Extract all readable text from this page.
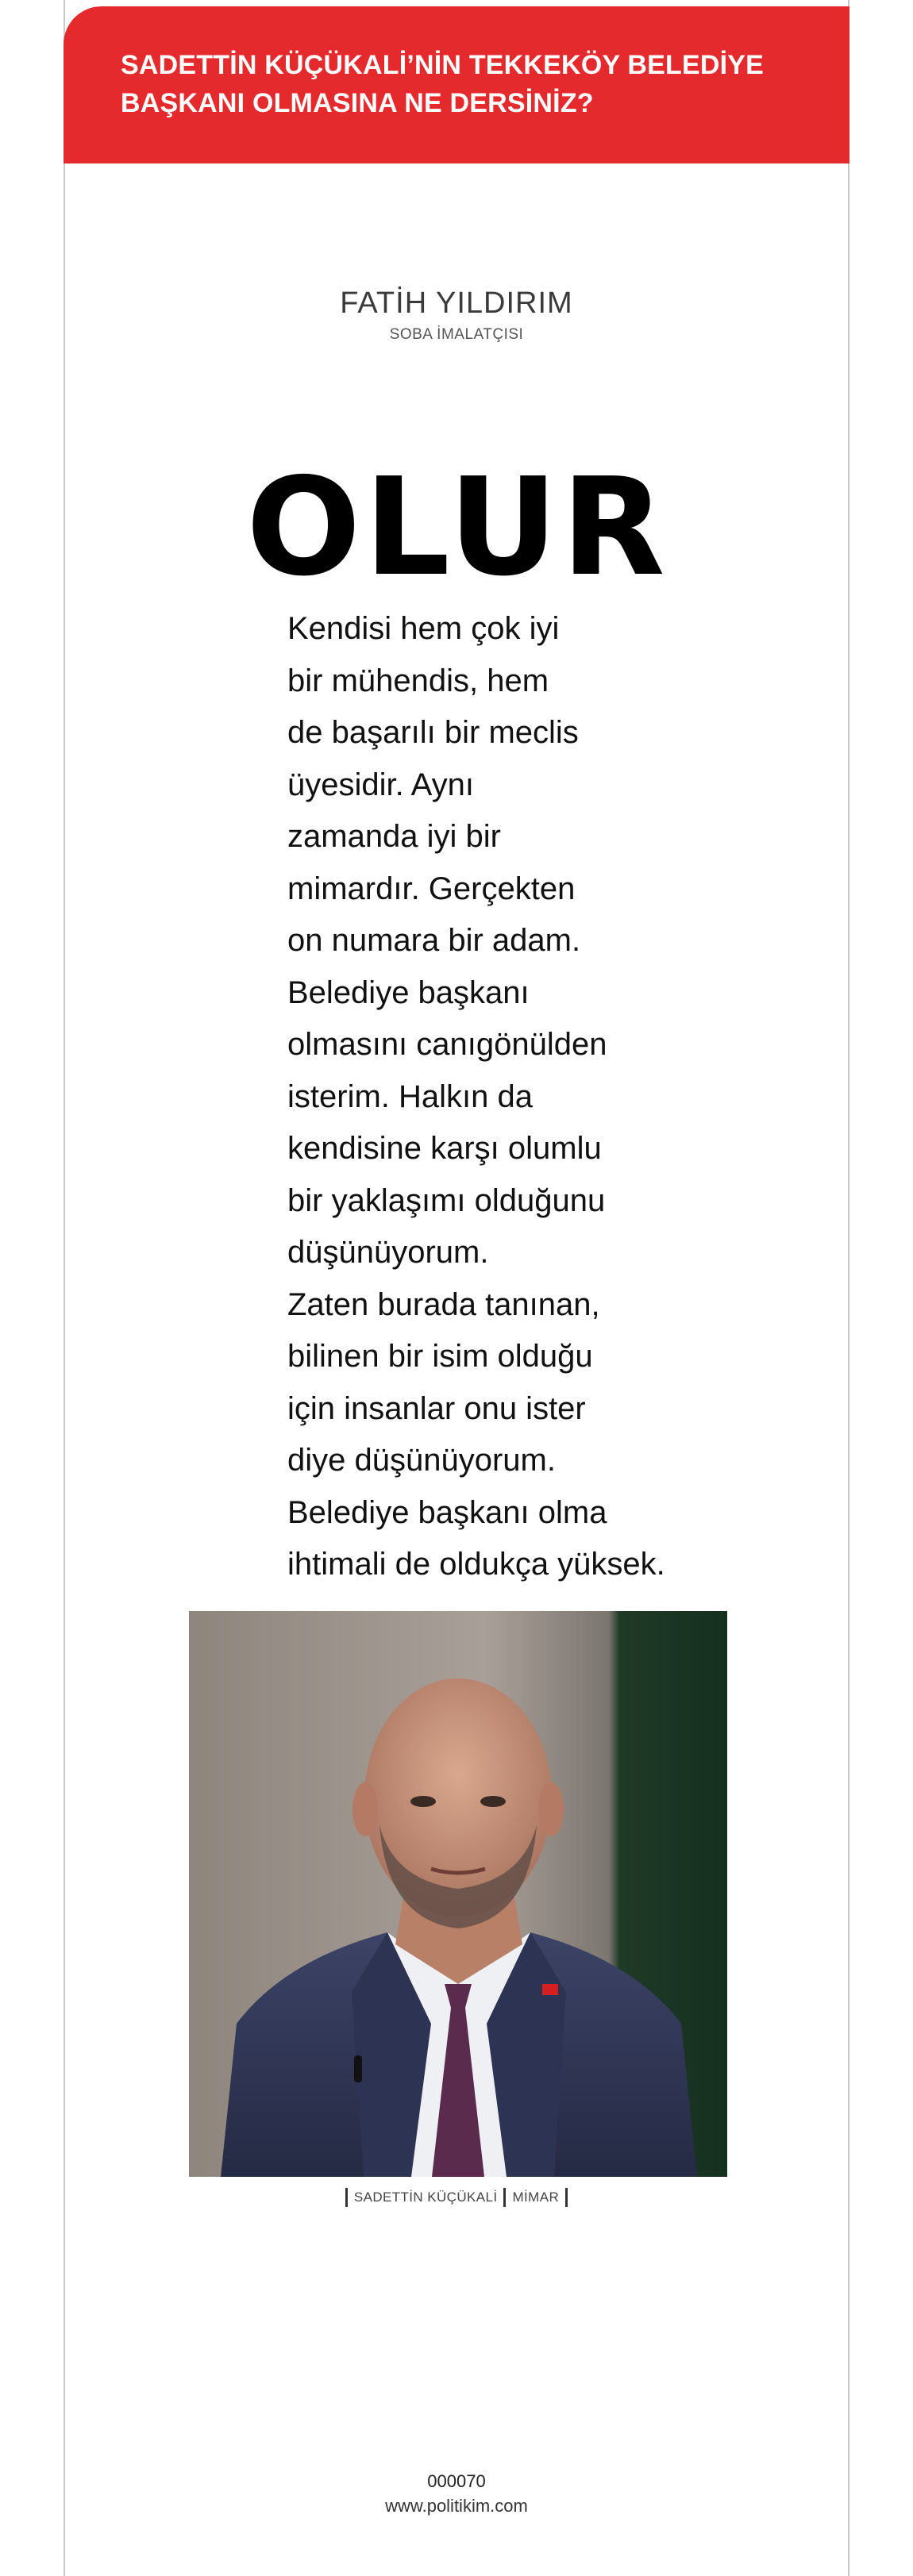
SADETTİN KÜÇÜKALİ’NİN TEKKEKÖY BELEDİYE BAŞKANI OLMASINA NE DERSİNİZ?
FATİH YILDIRIM
SOBA İMALATÇISI
OLUR

Kendisi hem çok iyi
bir mühendis, hem
de başarılı bir meclis
üyesidir. Aynı
zamanda iyi bir
mimardır. Gerçekten
on numara bir adam.
Belediye başkanı
olmasını canıgönülden
isterim. Halkın da
kendisine karşı olumlu
bir yaklaşımı olduğunu
düşünüyorum.
Zaten burada tanınan,
bilinen bir isim olduğu
için insanlar onu ister
diye düşünüyorum.
Belediye başkanı olma
ihtimali de oldukça yüksek.

SADETTİN KÜÇÜKALİ MİMAR
000070
www.politikim.com
